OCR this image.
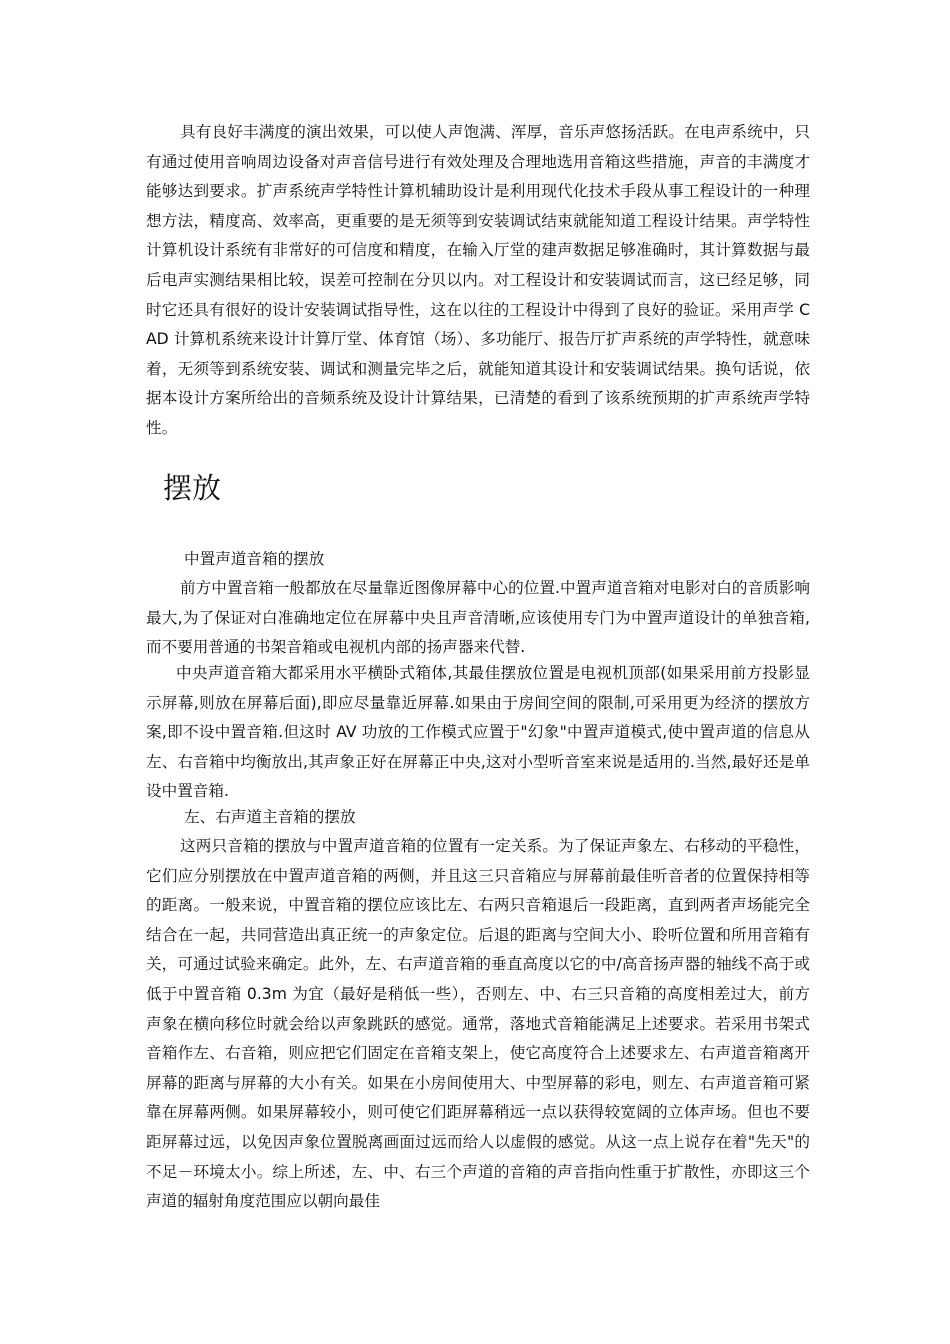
具有良好丰满度的演出效果，可以使人声饱满、浑厚，音乐声悠扬活跃。在电声系统中，只有通过使用音响周边设备对声音信号进行有效处理及合理地选用音箱这些措施，声音的丰满度才能够达到要求。扩声系统声学特性计算机辅助设计是利用现代化技术手段从事工程设计的一种理想方法，精度高、效率高，更重要的是无须等到安装调试结束就能知道工程设计结果。声学特性计算机设计系统有非常好的可信度和精度，在输入厅堂的建声数据足够准确时，其计算数据与最后电声实测结果相比较，误差可控制在分贝以内。对工程设计和安装调试而言，这已经足够，同时它还具有很好的设计安装调试指导性，这在以往的工程设计中得到了良好的验证。采用声学 CAD 计算机系统来设计计算厅堂、体育馆（场）、多功能厅、报告厅扩声系统的声学特性，就意味着，无须等到系统安装、调试和测量完毕之后，就能知道其设计和安装调试结果。换句话说，依据本设计方案所给出的音频系统及设计计算结果，已清楚的看到了该系统预期的扩声系统声学特性。

摆放

中置声道音箱的摆放

前方中置音箱一般都放在尽量靠近图像屏幕中心的位置.中置声道音箱对电影对白的音质影响最大,为了保证对白准确地定位在屏幕中央且声音清晰,应该使用专门为中置声道设计的单独音箱,而不要用普通的书架音箱或电视机内部的扬声器来代替.

中央声道音箱大都采用水平横卧式箱体,其最佳摆放位置是电视机顶部(如果采用前方投影显示屏幕,则放在屏幕后面),即应尽量靠近屏幕.如果由于房间空间的限制,可采用更为经济的摆放方案,即不设中置音箱.但这时 AV 功放的工作模式应置于"幻象"中置声道模式,使中置声道的信息从左、右音箱中均衡放出,其声象正好在屏幕正中央,这对小型听音室来说是适用的.当然,最好还是单设中置音箱.

左、右声道主音箱的摆放

这两只音箱的摆放与中置声道音箱的位置有一定关系。为了保证声象左、右移动的平稳性，它们应分别摆放在中置声道音箱的两侧，并且这三只音箱应与屏幕前最佳听音者的位置保持相等的距离。一般来说，中置音箱的摆位应该比左、右两只音箱退后一段距离，直到两者声场能完全结合在一起，共同营造出真正统一的声象定位。后退的距离与空间大小、聆听位置和所用音箱有关，可通过试验来确定。此外，左、右声道音箱的垂直高度以它的中/高音扬声器的轴线不高于或低于中置音箱 0.3m 为宜（最好是稍低一些），否则左、中、右三只音箱的高度相差过大，前方声象在横向移位时就会给以声象跳跃的感觉。通常，落地式音箱能满足上述要求。若采用书架式音箱作左、右音箱，则应把它们固定在音箱支架上，使它高度符合上述要求左、右声道音箱离开屏幕的距离与屏幕的大小有关。如果在小房间使用大、中型屏幕的彩电，则左、右声道音箱可紧靠在屏幕两侧。如果屏幕较小，则可使它们距屏幕稍远一点以获得较宽阔的立体声场。但也不要距屏幕过远，以免因声象位置脱离画面过远而给人以虚假的感觉。从这一点上说存在着"先天"的不足－环境太小。综上所述，左、中、右三个声道的音箱的声音指向性重于扩散性，亦即这三个声道的辐射角度范围应以朝向最佳
